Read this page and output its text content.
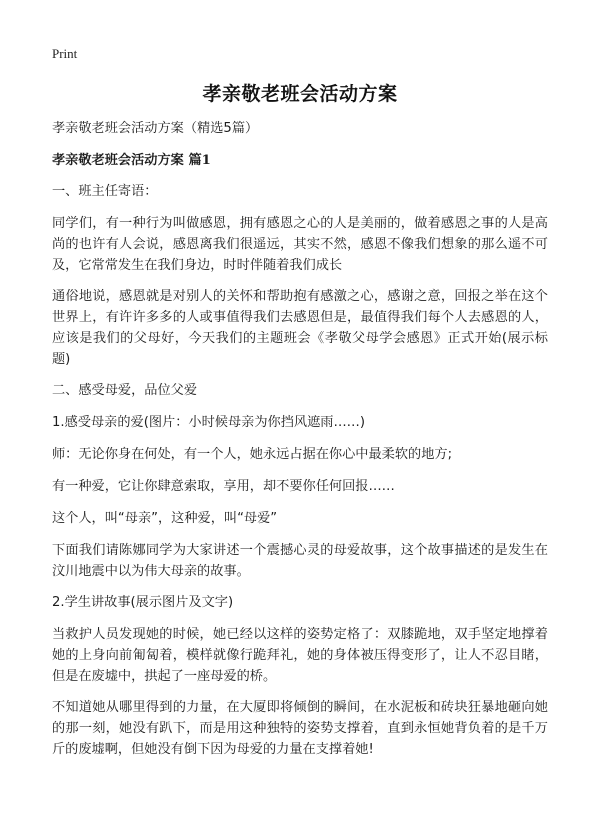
Print
孝亲敬老班会活动方案

孝亲敬老班会活动方案（精选5篇）

孝亲敬老班会活动方案 篇1

一、班主任寄语：

同学们，有一种行为叫做感恩，拥有感恩之心的人是美丽的，做着感恩之事的人是高尚的也许有人会说，感恩离我们很遥远，其实不然，感恩不像我们想象的那么遥不可及，它常常发生在我们身边，时时伴随着我们成长

通俗地说，感恩就是对别人的关怀和帮助抱有感激之心，感谢之意，回报之举在这个世界上，有许许多多的人或事值得我们去感恩但是，最值得我们每个人去感恩的人，应该是我们的父母好，今天我们的主题班会《孝敬父母学会感恩》正式开始(展示标题)

二、感受母爱，品位父爱

1.感受母亲的爱(图片：小时候母亲为你挡风遮雨……)

师：无论你身在何处，有一个人，她永远占据在你心中最柔软的地方;

有一种爱，它让你肆意索取，享用，却不要你任何回报……

这个人，叫“母亲”，这种爱，叫“母爱”

下面我们请陈娜同学为大家讲述一个震撼心灵的母爱故事，这个故事描述的是发生在汶川地震中以为伟大母亲的故事。

2.学生讲故事(展示图片及文字)

当救护人员发现她的时候，她已经以这样的姿势定格了：双膝跪地，双手坚定地撑着她的上身向前匍匐着，模样就像行跪拜礼，她的身体被压得变形了，让人不忍目睹，但是在废墟中，拱起了一座母爱的桥。

不知道她从哪里得到的力量，在大厦即将倾倒的瞬间，在水泥板和砖块狂暴地砸向她的那一刻，她没有趴下，而是用这种独特的姿势支撑着，直到永恒她背负着的是千万斤的废墟啊，但她没有倒下因为母爱的力量在支撑着她!
